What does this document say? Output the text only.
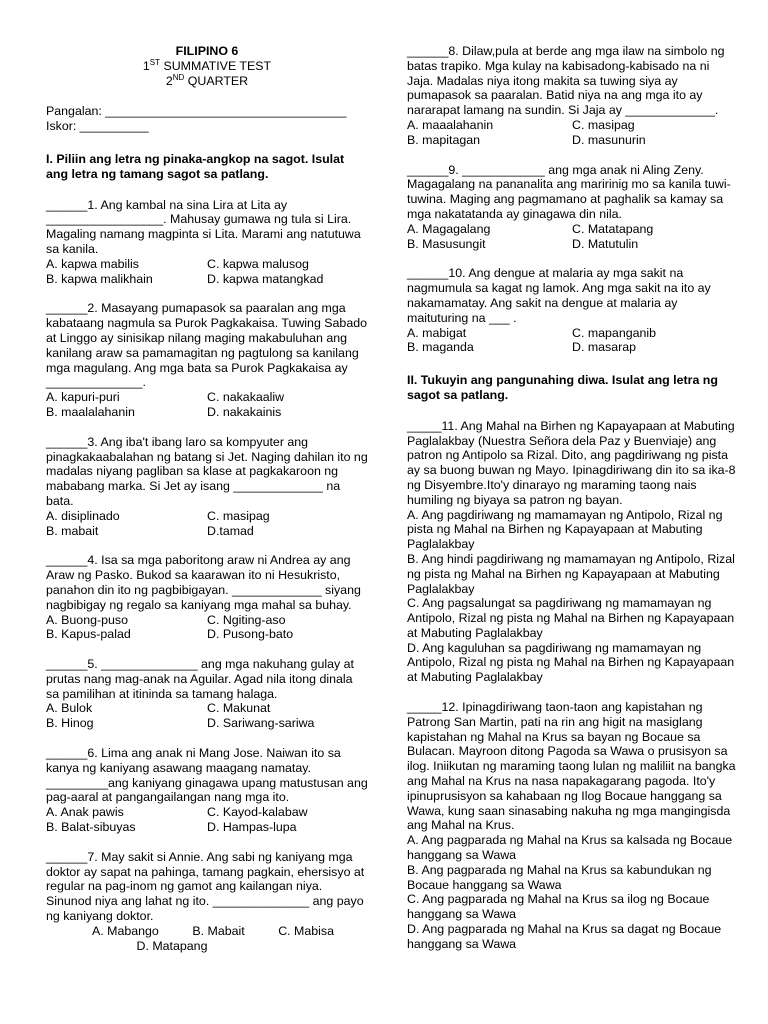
FILIPINO 6
1ST SUMMATIVE TEST
2ND QUARTER
Pangalan: ___________________________________
Iskor: __________
I. Piliin ang letra ng pinaka-angkop na sagot. Isulat ang letra ng tamang sagot sa patlang.

______1. Ang kambal na sina Lira at Lita ay _________________. Mahusay gumawa ng tula si Lira. Magaling namang magpinta si Lita. Marami ang natutuwa sa kanila.

A. kapwa mabilis	C. kapwa malusog
B. kapwa malikhain	D. kapwa matangkad

______2. Masayang pumapasok sa paaralan ang mga kabataang nagmula sa Purok Pagkakaisa. Tuwing Sabado at Linggo ay sinisikap nilang maging makabuluhan ang kanilang araw sa pamamagitan ng pagtulong sa kanilang mga magulang. Ang mga bata sa Purok Pagkakaisa ay ______________.

A. kapuri-puri	C. nakakaaliw
B. maalalahanin	D. nakakainis

______3. Ang iba't ibang laro sa kompyuter ang pinagkakaabalahan ng batang si Jet. Naging dahilan ito ng madalas niyang pagliban sa klase at pagkakaroon ng mababang marka. Si Jet ay isang _____________ na bata.

A. disiplinado	C. masipag
B. mabait	D.tamad

______4. Isa sa mga paboritong araw ni Andrea ay ang Araw ng Pasko. Bukod sa kaarawan ito ni Hesukristo, panahon din ito ng pagbibigayan. _____________ siyang nagbibigay ng regalo sa kaniyang mga mahal sa buhay.

A. Buong-puso	C. Ngiting-aso
B. Kapus-palad	D. Pusong-bato

______5. ______________ ang mga nakuhang gulay at prutas nang mag-anak na Aguilar. Agad nila itong dinala sa pamilihan at itininda sa tamang halaga.

A. Bulok	C. Makunat
B. Hinog	D. Sariwang-sariwa

______6. Lima ang anak ni Mang Jose. Naiwan ito sa kanya ng kaniyang asawang maagang namatay. _________ang kaniyang ginagawa upang matustusan ang pag-aaral at pangangailangan nang mga ito.

A. Anak pawis	C. Kayod-kalabaw
B. Balat-sibuyas	D. Hampas-lupa

______7. May sakit si Annie. Ang sabi ng kaniyang mga doktor ay sapat na pahinga, tamang pagkain, ehersisyo at regular na pag-inom ng gamot ang kailangan niya. Sinunod niya ang lahat ng ito. ______________ ang payo ng kaniyang doktor.

A. Mabango	B. Mabait	C. Mabisa
D. Matapang

______8. Dilaw,pula at berde ang mga ilaw na simbolo ng batas trapiko. Mga kulay na kabisadong-kabisado na ni Jaja. Madalas niya itong makita sa tuwing siya ay pumapasok sa paaralan. Batid niya na ang mga ito ay nararapat lamang na sundin. Si Jaja ay _____________.

A. maaalahanin	C. masipag
B. mapitagan	D. masunurin

______9. ____________ ang mga anak ni Aling Zeny. Magagalang na pananalita ang maririnig mo sa kanila tuwi-tuwina. Maging ang pagmamano at paghalik sa kamay sa mga nakatatanda ay ginagawa din nila.

A. Magagalang	C. Matatapang
B. Masusungit	D. Matutulin

______10. Ang dengue at malaria ay mga sakit na nagmumula sa kagat ng lamok. Ang mga sakit na ito ay nakamamatay. Ang sakit na dengue at malaria ay maituturing na ___ .

A. mabigat	C. mapanganib
B. maganda	D. masarap
II. Tukuyin ang pangunahing diwa. Isulat ang letra ng sagot sa patlang.

_____11. Ang Mahal na Birhen ng Kapayapaan at Mabuting Paglalakbay (Nuestra Señora dela Paz y Buenviaje) ang patron ng Antipolo sa Rizal. Dito, ang pagdiriwang ng pista ay sa buong buwan ng Mayo. Ipinagdiriwang din ito sa ika-8 ng Disyembre.Ito'y dinarayo ng maraming taong nais humiling ng biyaya sa patron ng bayan.

A. Ang pagdiriwang ng mamamayan ng Antipolo, Rizal ng pista ng Mahal na Birhen ng Kapayapaan at Mabuting Paglalakbay
B. Ang hindi pagdiriwang ng mamamayan ng Antipolo, Rizal ng pista ng Mahal na Birhen ng Kapayapaan at Mabuting Paglalakbay
C. Ang pagsalungat sa pagdiriwang ng mamamayan ng Antipolo, Rizal ng pista ng Mahal na Birhen ng Kapayapaan at Mabuting Paglalakbay
D. Ang kaguluhan sa pagdiriwang ng mamamayan ng Antipolo, Rizal ng pista ng Mahal na Birhen ng Kapayapaan at Mabuting Paglalakbay

_____12. Ipinagdiriwang taon-taon ang kapistahan ng Patrong San Martin, pati na rin ang higit na masiglang kapistahan ng Mahal na Krus sa bayan ng Bocaue sa Bulacan. Mayroon ditong Pagoda sa Wawa o prusisyon sa ilog. Iniikutan ng maraming taong lulan ng maliliit na bangka ang Mahal na Krus na nasa napakagarang pagoda. Ito'y ipinuprusisyon sa kahabaan ng Ilog Bocaue hanggang sa Wawa, kung saan sinasabing nakuha ng mga mangingisda ang Mahal na Krus.

A. Ang pagparada ng Mahal na Krus sa kalsada ng Bocaue hanggang sa Wawa
B. Ang pagparada ng Mahal na Krus sa kabundukan ng Bocaue hanggang sa Wawa
C. Ang pagparada ng Mahal na Krus sa ilog ng Bocaue hanggang sa Wawa
D. Ang pagparada ng Mahal na Krus sa dagat ng Bocaue hanggang sa Wawa
